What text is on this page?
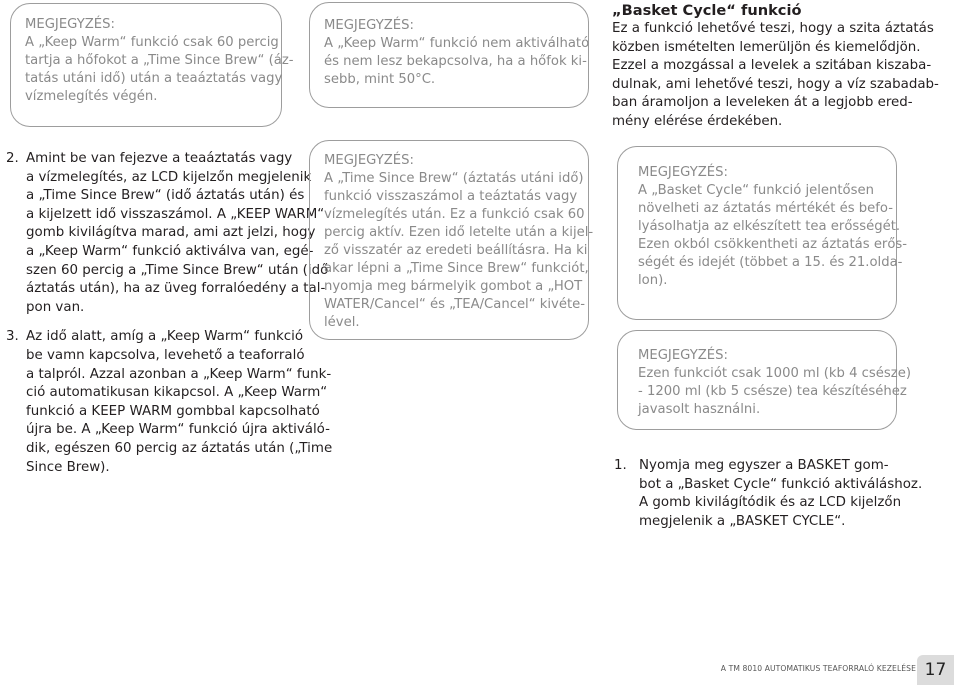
MEGJEGYZÉS:
A „Keep Warm“ funkció csak 60 percig
tartja a hőfokot a „Time Since Brew“ (áz-
tatás utáni idő) után a teaáztatás vagy
vízmelegítés végén.
MEGJEGYZÉS:
A „Keep Warm“ funkció nem aktiválható
és nem lesz bekapcsolva, ha a hőfok ki-
sebb, mint 50°C.
„Basket Cycle“ funkció
Ez a funkció lehetővé teszi, hogy a szita áztatás
közben ismételten lemerüljön és kiemelődjön.
Ezzel a mozgással a levelek a szitában kiszaba-
dulnak, ami lehetővé teszi, hogy a víz szabadab-
ban áramoljon a leveleken át a legjobb ered-
mény elérése érdekében.
2. Amint be van fejezve a teaáztatás vagy
a vízmelegítés, az LCD kijelzőn megjelenik
a „Time Since Brew“ (idő áztatás után) és
a kijelzett idő visszaszámol. A „KEEP WARM“
gomb kivilágítva marad, ami azt jelzi, hogy
a „Keep Warm“ funkció aktiválva van, egé-
szen 60 percig a „Time Since Brew“ után (idő
áztatás után), ha az üveg forralóedény a tal-
pon van.
3. Az idő alatt, amíg a „Keep Warm“ funkció
be vamn kapcsolva, levehető a teaforraló
a talpról. Azzal azonban a „Keep Warm“ funk-
ció automatikusan kikapcsol. A „Keep Warm“
funkció a KEEP WARM gombbal kapcsolható
újra be. A „Keep Warm“ funkció újra aktiváló-
dik, egészen 60 percig az áztatás után („Time
Since Brew).
MEGJEGYZÉS:
A „Time Since Brew“ (áztatás utáni idő)
funkció visszaszámol a teáztatás vagy
vízmelegítés után. Ez a funkció csak 60
percig aktív. Ezen idő letelte után a kijel-
ző visszatér az eredeti beállításra. Ha ki
akar lépni a „Time Since Brew“ funkciót,
nyomja meg bármelyik gombot a „HOT
WATER/Cancel“ és „TEA/Cancel“ kivéte-
lével.
MEGJEGYZÉS:
A „Basket Cycle“ funkció jelentősen
növelheti az áztatás mértékét és befo-
lyásolhatja az elkészített tea erősségét.
Ezen okból csökkentheti az áztatás erős-
ségét és idejét (többet a 15. és 21.olda-
lon).
MEGJEGYZÉS:
Ezen funkciót csak 1000 ml (kb 4 csésze)
- 1200 ml (kb 5 csésze) tea készítéséhez
javasolt használni.
1. Nyomja meg egyszer a BASKET gom-
bot a „Basket Cycle“ funkció aktiváláshoz.
A gomb kivilágítódik és az LCD kijelzőn
megjelenik a „BASKET CYCLE“.
A TM 8010 AUTOMATIKUS TEAFORRALÓ KEZELÉSE 17
